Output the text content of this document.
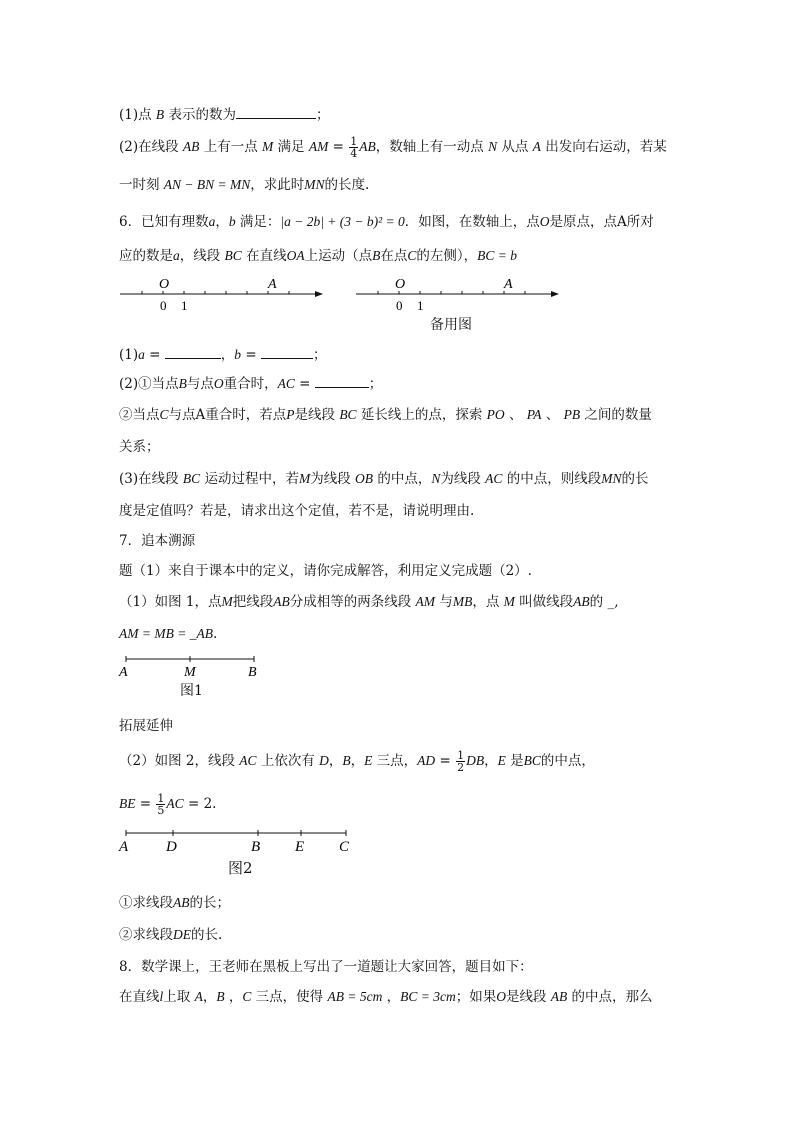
(1)点 B 表示的数为	；
(2)在线段 AB 上有一点 M 满足 AM = $\frac{1}{4}$ AB，数轴上有一动点 N 从点 A 出发向右运动，若某
一时刻 AN − BN = MN，求此时MN的长度.
6．已知有理数a，b 满足：|a − 2b| + (3 − b)² = 0．如图，在数轴上，点O是原点，点A所对
应的数是a，线段 BC 在直线OA上运动（点B在点C的左侧），BC = b
O	A
0 1
O	A
0 1
备用图
(1)a =	，b =	；
(2)①当点B与点O重合时，AC =	；
②当点C与点A重合时，若点P是线段 BC 延长线上的点，探索 PO 、 PA 、 PB 之间的数量
关系；
(3)在线段 BC 运动过程中，若M为线段 OB 的中点，N为线段 AC 的中点，则线段MN的长
度是定值吗？若是，请求出这个定值，若不是，请说明理由.
7．追本溯源
题（1）来自于课本中的定义，请你完成解答，利用定义完成题（2）.
（1）如图 1，点M把线段AB分成相等的两条线段 AM 与MB，点 M 叫做线段AB的 _,
AM = MB = _AB.
A	M	B
图1
拓展延伸
（2）如图 2，线段 AC 上依次有 D，B，E 三点，AD = $\frac{1}{2}$ DB，E 是BC的中点，
BE = $\frac{1}{5}$ AC = 2.
A	D	B E C
图2
①求线段AB的长；
②求线段DE的长.
8．数学课上，王老师在黑板上写出了一道题让大家回答，题目如下：
在直线l上取 A，B ，C 三点，使得 AB = 5cm ，BC = 3cm；如果O是线段 AB 的中点，那么
